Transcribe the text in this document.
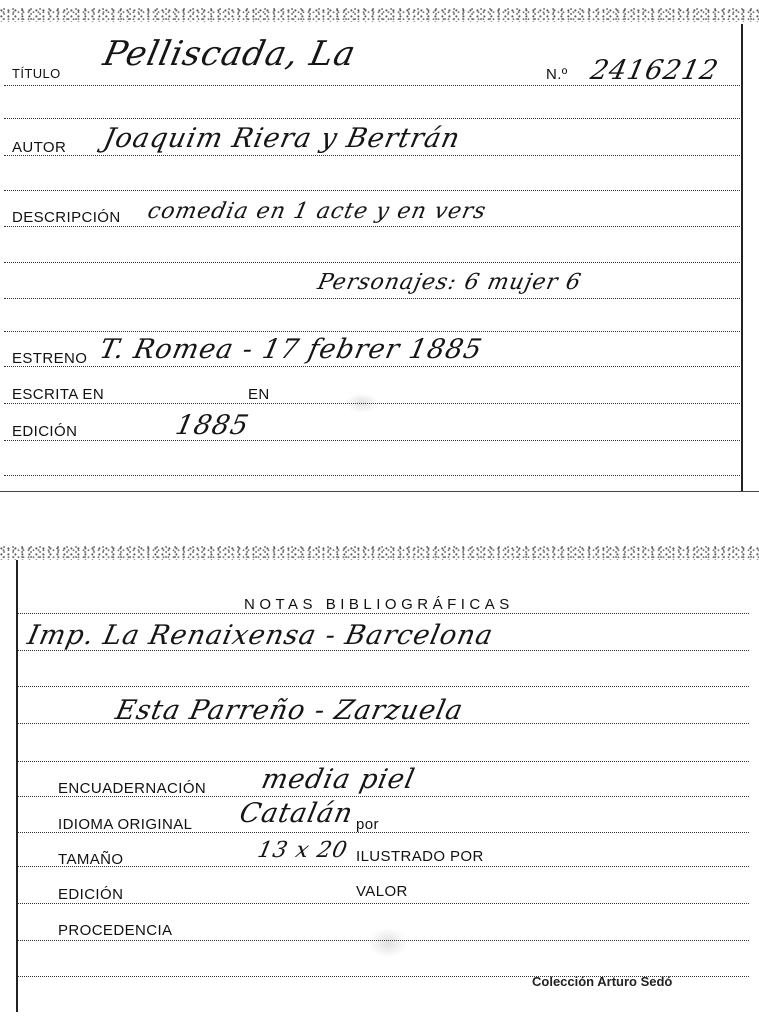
TÍTULO Pelliscada, La
N.º 2416212
AUTOR Joaquim Riera y Bertrán
DESCRIPCIÓN comedia en 1 acte y en vers
Personajes: 6 mujer 6
ESTRENO T. Romea - 17 febrer 1885
ESCRITA EN	EN
EDICIÓN	1885
NOTAS BIBLIOGRÁFICAS
Imp. La Renaixensa - Barcelona
Esta Parreño - Zarzuela
ENCUADERNACIÓN media piel
IDIOMA ORIGINAL Catalán por
TAMAÑO	13 x 20 ILUSTRADO POR
EDICIÓN	VALOR
PROCEDENCIA
Colección Arturo Sedó
